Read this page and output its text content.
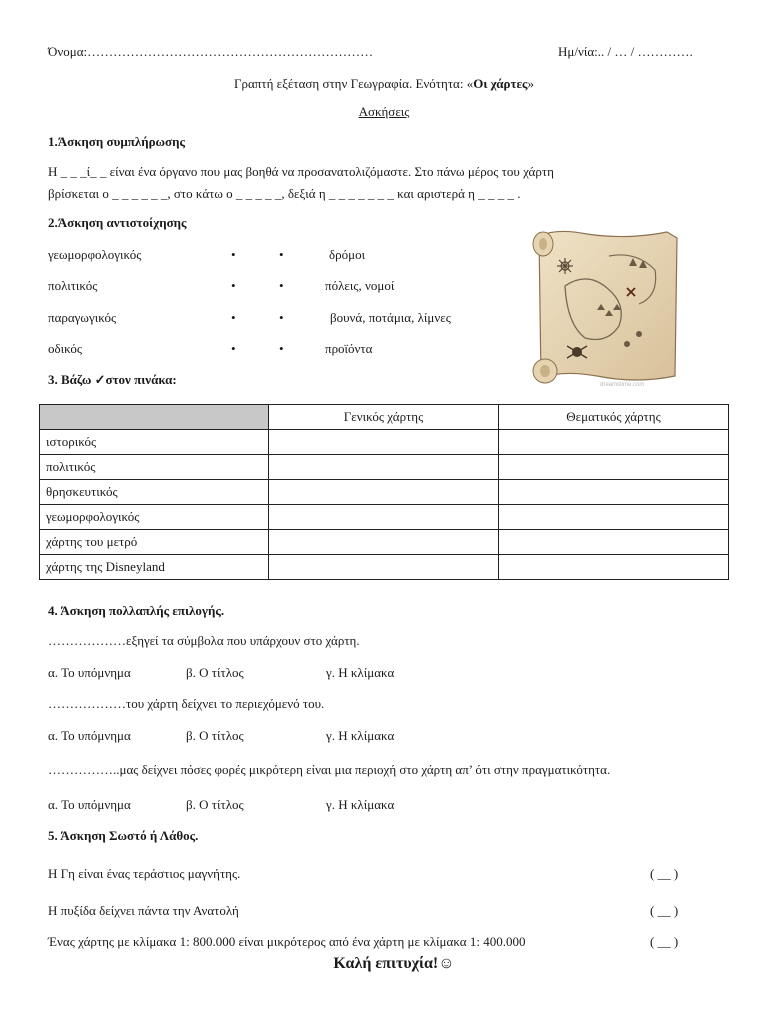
Όνομα:…………………………………………………………	Ημ/νία:.. / … / ………….
Γραπτή εξέταση στην Γεωγραφία. Ενότητα: «Οι χάρτες»
Ασκήσεις
1.Άσκηση συμπλήρωσης
Η _ _ _ί_ _ είναι ένα όργανο που μας βοηθά να προσανατολιζόμαστε. Στο πάνω μέρος του χάρτη
βρίσκεται ο _ _ _ _ _ _, στο κάτω ο _ _ _ _ _, δεξιά η _ _ _ _ _ _ _ και αριστερά η _ _ _ _ .
2.Άσκηση αντιστοίχησης
γεωμορφολογικός	•	•	δρόμοι
πολιτικός	•	•	πόλεις, νομοί
παραγωγικός	•	•	βουνά, ποτάμια, λίμνες
οδικός	•	•	προϊόντα
dreamstime.com
3. Βάζω ✓στον πινάκα:
	Γενικός χάρτης	Θεματικός χάρτης
ιστορικός		
πολιτικός		
θρησκευτικός		
γεωμορφολογικός		
χάρτης του μετρό		
χάρτης της Disneyland		
4. Άσκηση πολλαπλής επιλογής.
………………εξηγεί τα σύμβολα που υπάρχουν στο χάρτη.
α. Το υπόμνημα	β. Ο τίτλος	γ. Η κλίμακα
………………του χάρτη δείχνει το περιεχόμενό του.
α. Το υπόμνημα	β. Ο τίτλος	γ. Η κλίμακα
……………..μας δείχνει πόσες φορές μικρότερη είναι μια περιοχή στο χάρτη απ’ ότι στην πραγματικότητα.
α. Το υπόμνημα	β. Ο τίτλος	γ. Η κλίμακα
5. Άσκηση Σωστό ή Λάθος.
Η Γη είναι ένας τεράστιος μαγνήτης.	( __ )
Η πυξίδα δείχνει πάντα την Ανατολή	( __ )
Ένας χάρτης με κλίμακα 1: 800.000 είναι μικρότερος από ένα χάρτη με κλίμακα 1: 400.000	( __ )
Καλή επιτυχία!☺
